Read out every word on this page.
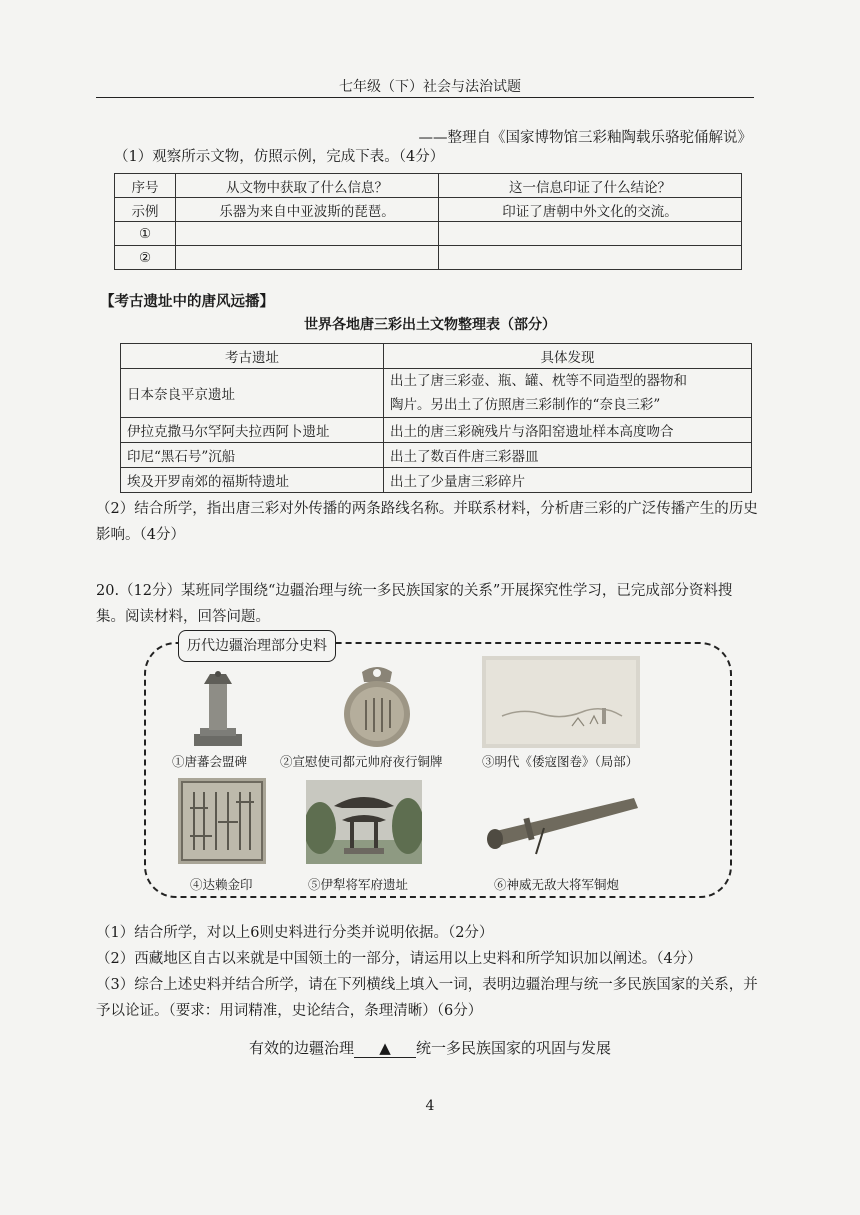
七年级（下）社会与法治试题
——整理自《国家博物馆三彩釉陶载乐骆驼俑解说》
（1）观察所示文物，仿照示例，完成下表。（4分）
序号	从文物中获取了什么信息？	这一信息印证了什么结论？
示例	乐器为来自中亚波斯的琵琶。	印证了唐朝中外文化的交流。
①		
②		
【考古遗址中的唐风远播】
世界各地唐三彩出土文物整理表（部分）
考古遗址	具体发现
日本奈良平京遗址	出土了唐三彩壶、瓶、罐、枕等不同造型的器物和
陶片。另出土了仿照唐三彩制作的“奈良三彩”

伊拉克撒马尔罕阿夫拉西阿卜遗址	出土的唐三彩碗残片与洛阳窑遗址样本高度吻合
印尼“黑石号”沉船	出土了数百件唐三彩器皿
埃及开罗南郊的福斯特遗址	出土了少量唐三彩碎片
（2）结合所学，指出唐三彩对外传播的两条路线名称。并联系材料，分析唐三彩的广泛传播产生的历史影响。（4分）
20.（12分）某班同学围绕“边疆治理与统一多民族国家的关系”开展探究性学习，已完成部分资料搜集。阅读材料，回答问题。
历代边疆治理部分史料
①唐蕃会盟碑	②宣慰使司都元帅府夜行铜牌	③明代《倭寇图卷》（局部）
④达赖金印	⑤伊犁将军府遗址	⑥神威无敌大将军铜炮
（1）结合所学，对以上6则史料进行分类并说明依据。（2分）
（2）西藏地区自古以来就是中国领土的一部分，请运用以上史料和所学知识加以阐述。（4分）
（3）综合上述史料并结合所学，请在下列横线上填入一词，表明边疆治理与统一多民族国家的关系，并予以论证。（要求：用词精准，史论结合，条理清晰）（6分）
有效的边疆治理 ▲ 统一多民族国家的巩固与发展
4
